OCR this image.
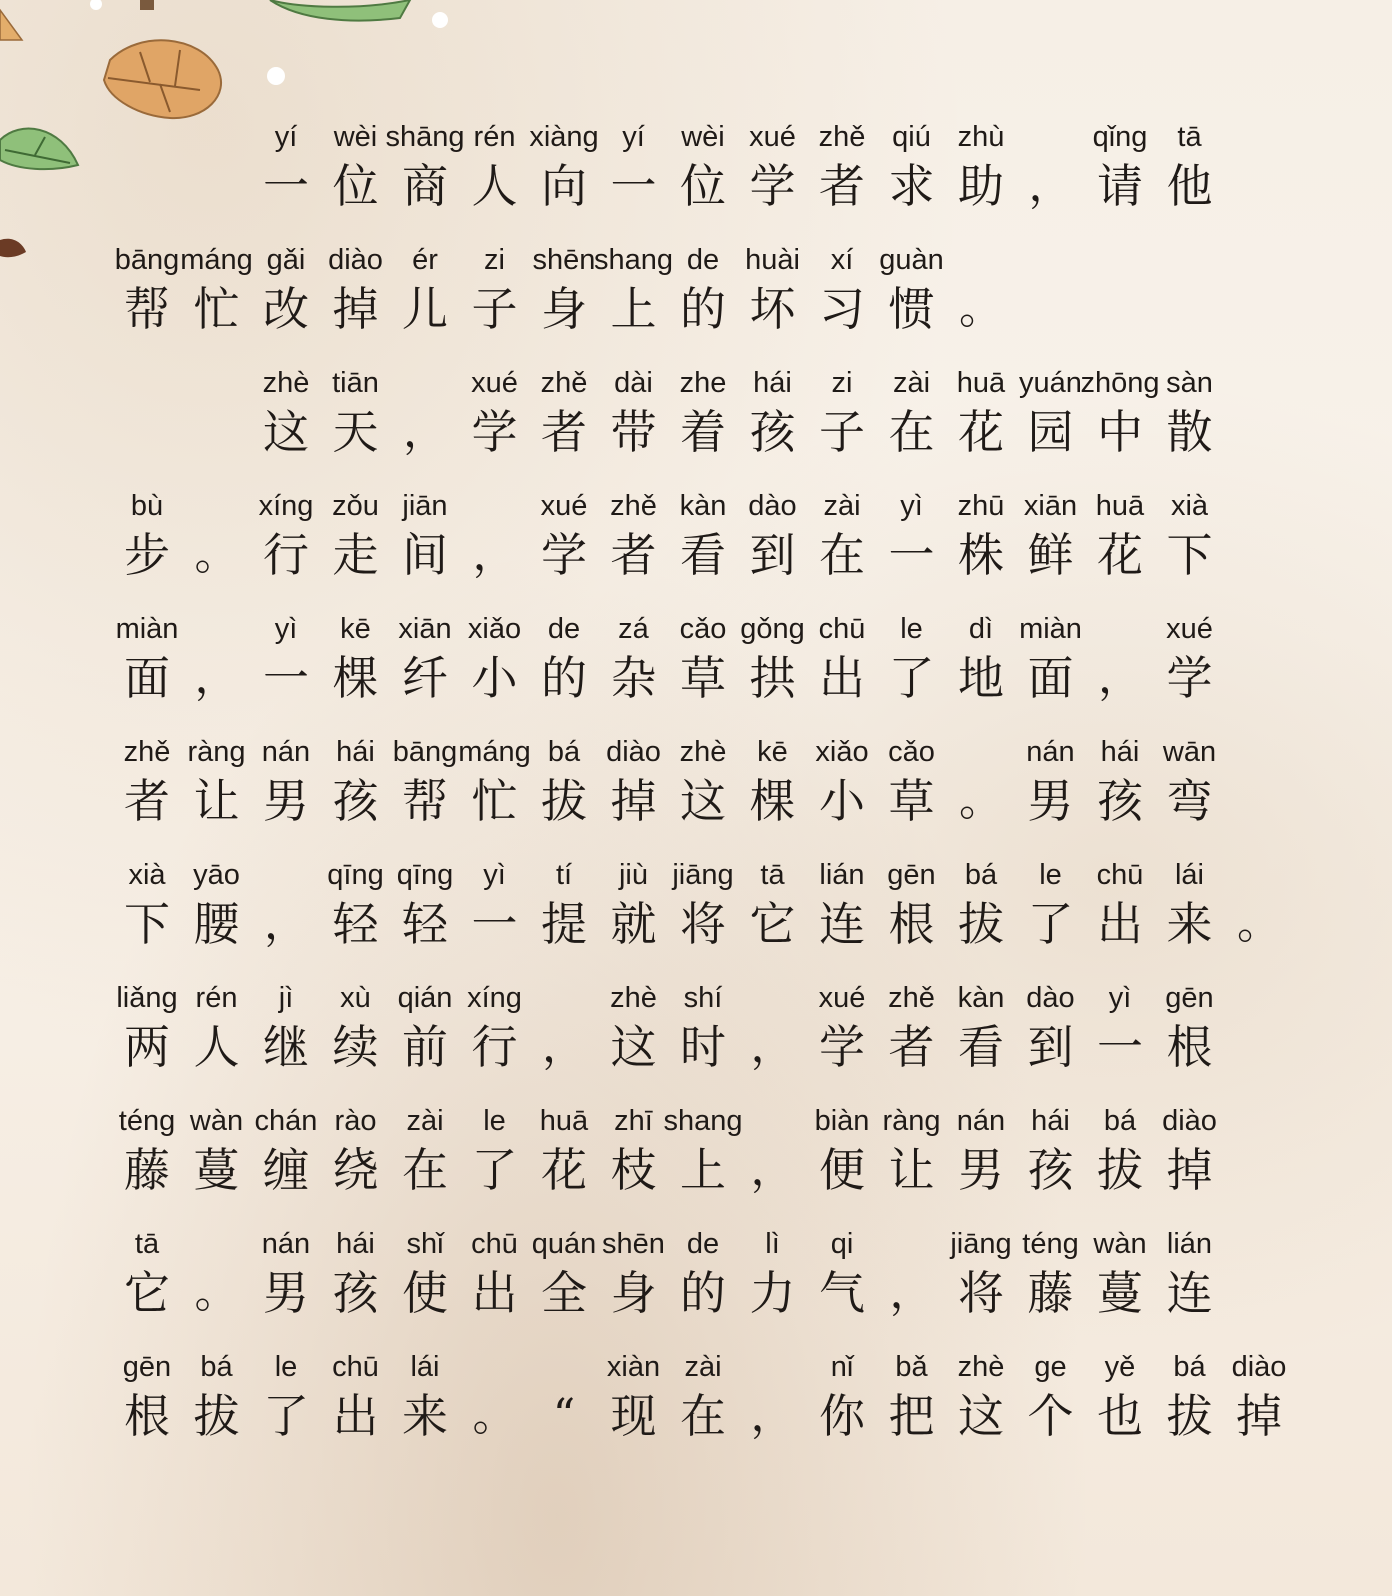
yí
一
wèi
位
shāng
商
rén
人
xiàng
向
yí
一
wèi
位
xué
学
zhě
者
qiú
求
zhù
助 ，
qǐng
请
tā
他
bāng
帮
máng
忙
gǎi
改
diào
掉
ér
儿
zi
子
shēn
身
shang
上
de
的
huài
坏
xí
习
guàn
惯 。
zhè
这
tiān
天 ，
xué
学
zhě
者
dài
带
zhe
着
hái
孩
zi
子
zài
在
huā
花
yuán
园
zhōng
中
sàn
散
bù
步 。
xíng
行
zǒu
走
jiān
间 ，
xué
学
zhě
者
kàn
看
dào
到
zài
在
yì
一
zhū
株
xiān
鲜
huā
花
xià
下
miàn
面 ，
yì
一
kē
棵
xiān
纤
xiǎo
小
de
的
zá
杂
cǎo
草
gǒng
拱
chū
出
le
了
dì
地
miàn
面 ，
xué
学
zhě
者
ràng
让
nán
男
hái
孩
bāng
帮
máng
忙
bá
拔
diào
掉
zhè
这
kē
棵
xiǎo
小
cǎo
草 。
nán
男
hái
孩
wān
弯
xià
下
yāo
腰 ，
qīng
轻
qīng
轻
yì
一
tí
提
jiù
就
jiāng
将
tā
它
lián
连
gēn
根
bá
拔
le
了
chū
出
lái
来 。
liǎng
两
rén
人
jì
继
xù
续
qián
前
xíng
行 ，
zhè
这
shí
时 ，
xué
学
zhě
者
kàn
看
dào
到
yì
一
gēn
根
téng
藤
wàn
蔓
chán
缠
rào
绕
zài
在
le
了
huā
花
zhī
枝
shang
上 ，
biàn
便
ràng
让
nán
男
hái
孩
bá
拔
diào
掉
tā
它 。
nán
男
hái
孩
shǐ
使
chū
出
quán
全
shēn
身
de
的
lì
力
qi
气 ，
jiāng
将
téng
藤
wàn
蔓
lián
连
gēn
根
bá
拔
le
了
chū
出
lái
来 。 “
xiàn
现
zài
在 ，
nǐ
你
bǎ
把
zhè
这
ge
个
yě
也
bá
拔
diào
掉
